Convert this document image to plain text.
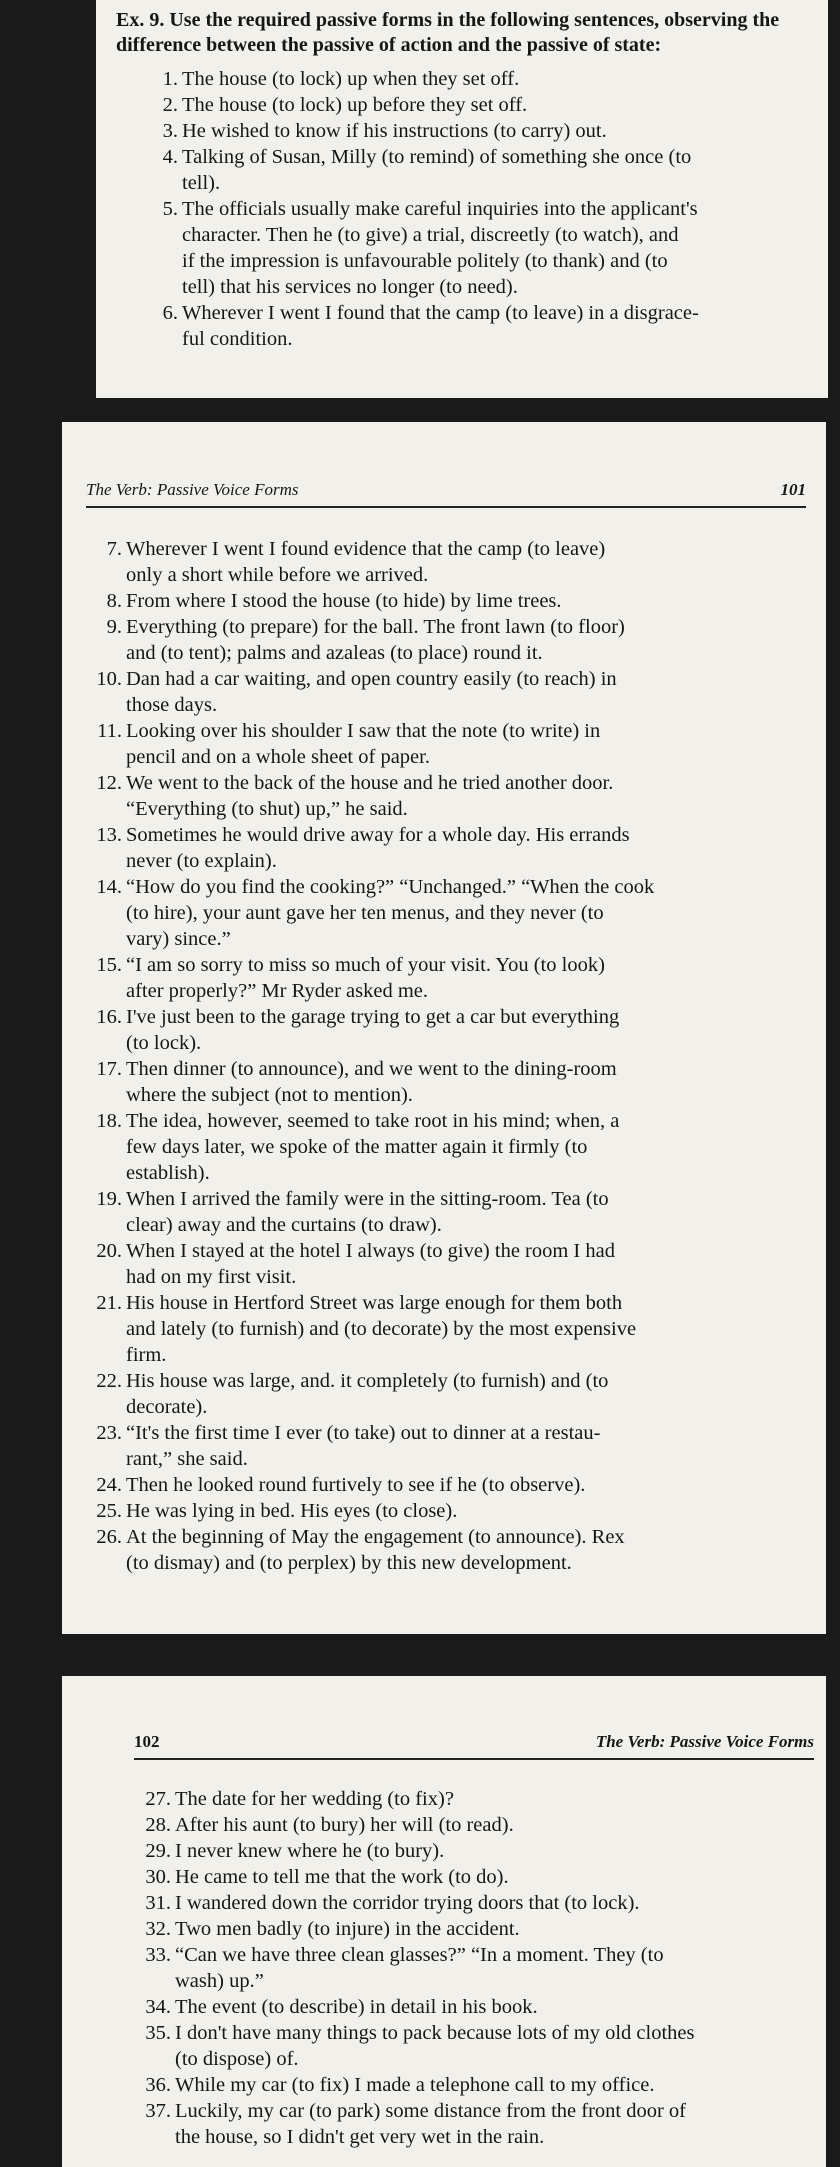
Ex. 9. Use the required passive forms in the following sentences, observing the difference between the passive of action and the passive of state:

1. The house (to lock) up when they set off.
2. The house (to lock) up before they set off.
3. He wished to know if his instructions (to carry) out.
4. Talking of Susan, Milly (to remind) of something she once (to
tell).
5. The officials usually make careful inquiries into the applicant's
character. Then he (to give) a trial, discreetly (to watch), and
if the impression is unfavourable politely (to thank) and (to
tell) that his services no longer (to need).
6. Wherever I went I found that the camp (to leave) in a disgrace-
ful condition.
The Verb: Passive Voice Forms	101
7. Wherever I went I found evidence that the camp (to leave)
only a short while before we arrived.
8. From where I stood the house (to hide) by lime trees.
9. Everything (to prepare) for the ball. The front lawn (to floor)
and (to tent); palms and azaleas (to place) round it.
10. Dan had a car waiting, and open country easily (to reach) in
those days.
11. Looking over his shoulder I saw that the note (to write) in
pencil and on a whole sheet of paper.
12. We went to the back of the house and he tried another door.
“Everything (to shut) up,” he said.
13. Sometimes he would drive away for a whole day. His errands
never (to explain).
14. “How do you find the cooking?” “Unchanged.” “When the cook
(to hire), your aunt gave her ten menus, and they never (to
vary) since.”
15. “I am so sorry to miss so much of your visit. You (to look)
after properly?” Mr Ryder asked me.
16. I've just been to the garage trying to get a car but everything
(to lock).
17. Then dinner (to announce), and we went to the dining-room
where the subject (not to mention).
18. The idea, however, seemed to take root in his mind; when, a
few days later, we spoke of the matter again it firmly (to
establish).
19. When I arrived the family were in the sitting-room. Tea (to
clear) away and the curtains (to draw).
20. When I stayed at the hotel I always (to give) the room I had
had on my first visit.
21. His house in Hertford Street was large enough for them both
and lately (to furnish) and (to decorate) by the most expensive
firm.
22. His house was large, and. it completely (to furnish) and (to
decorate).
23. “It's the first time I ever (to take) out to dinner at a restau-
rant,” she said.
24. Then he looked round furtively to see if he (to observe).
25. He was lying in bed. His eyes (to close).
26. At the beginning of May the engagement (to announce). Rex
(to dismay) and (to perplex) by this new development.
102	The Verb: Passive Voice Forms
27. The date for her wedding (to fix)?
28. After his aunt (to bury) her will (to read).
29. I never knew where he (to bury).
30. He came to tell me that the work (to do).
31. I wandered down the corridor trying doors that (to lock).
32. Two men badly (to injure) in the accident.
33. “Can we have three clean glasses?” “In a moment. They (to
wash) up.”
34. The event (to describe) in detail in his book.
35. I don't have many things to pack because lots of my old clothes
(to dispose) of.
36. While my car (to fix) I made a telephone call to my office.
37. Luckily, my car (to park) some distance from the front door of
the house, so I didn't get very wet in the rain.
